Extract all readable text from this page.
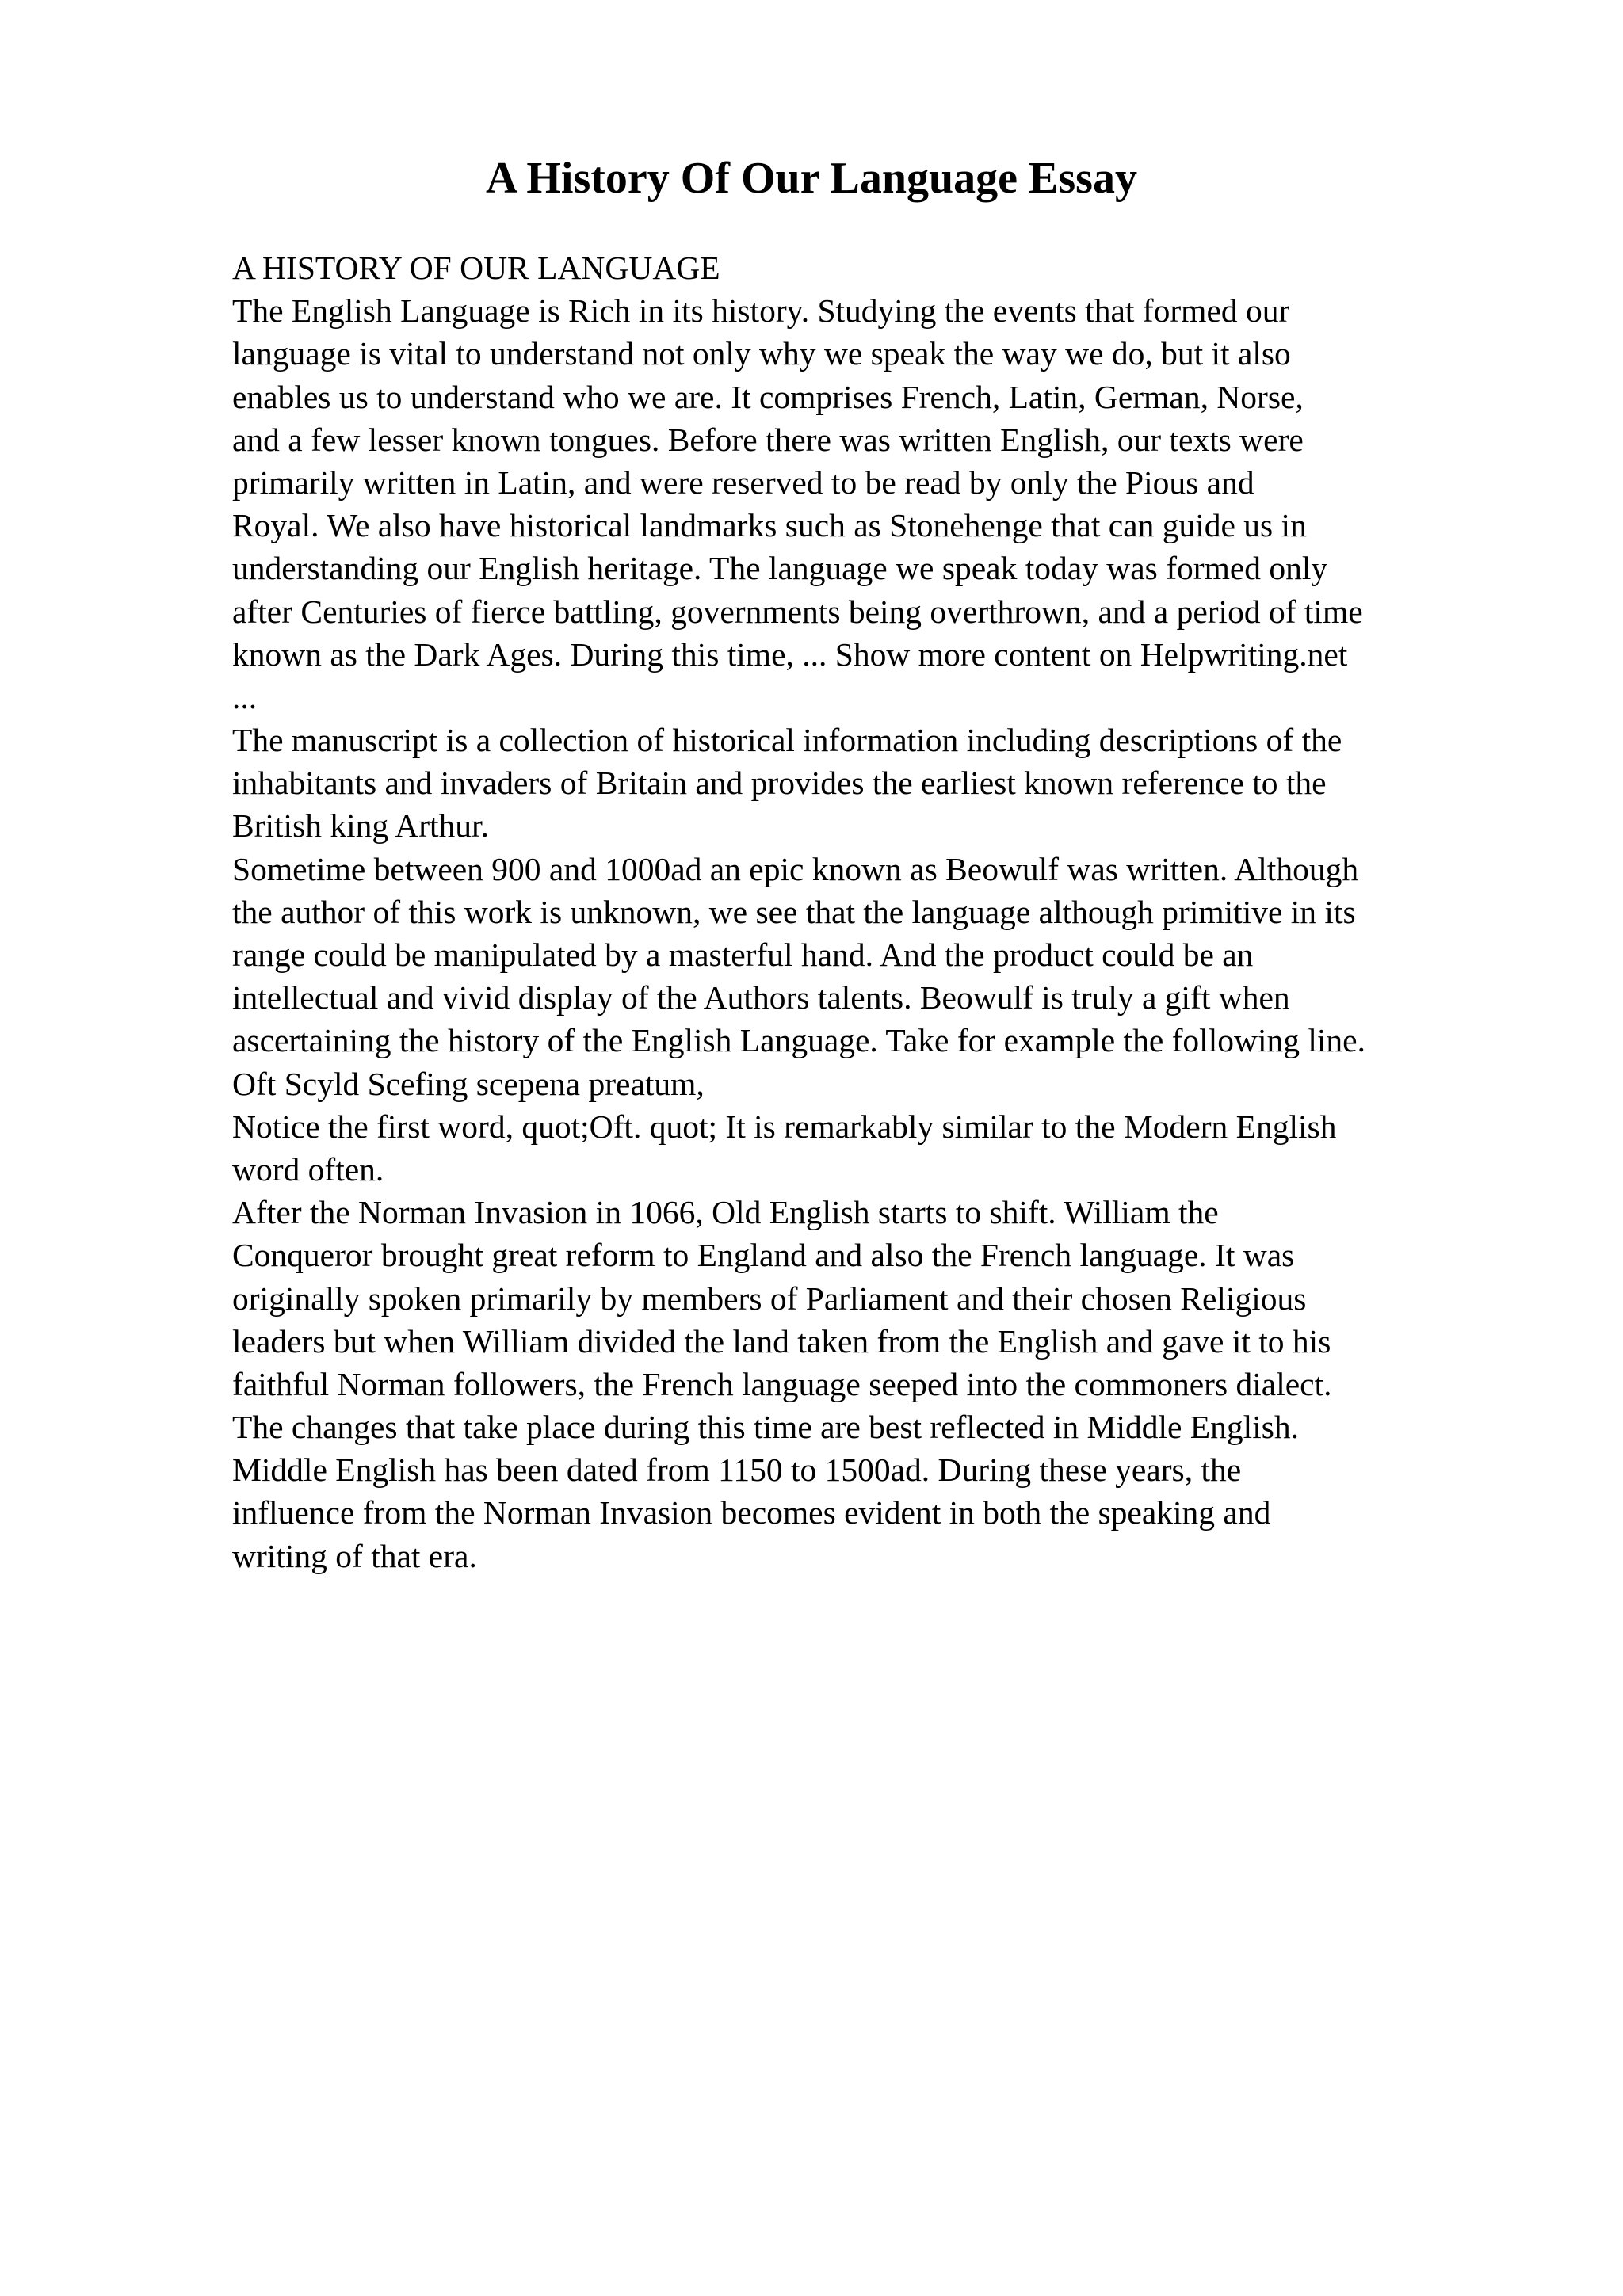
A History Of Our Language Essay
A HISTORY OF OUR LANGUAGE
The English Language is Rich in its history. Studying the events that formed our
language is vital to understand not only why we speak the way we do, but it also
enables us to understand who we are. It comprises French, Latin, German, Norse,
and a few lesser known tongues. Before there was written English, our texts were
primarily written in Latin, and were reserved to be read by only the Pious and
Royal. We also have historical landmarks such as Stonehenge that can guide us in
understanding our English heritage. The language we speak today was formed only
after Centuries of fierce battling, governments being overthrown, and a period of time
known as the Dark Ages. During this time, ... Show more content on Helpwriting.net
...
The manuscript is a collection of historical information including descriptions of the
inhabitants and invaders of Britain and provides the earliest known reference to the
British king Arthur.
Sometime between 900 and 1000ad an epic known as Beowulf was written. Although
the author of this work is unknown, we see that the language although primitive in its
range could be manipulated by a masterful hand. And the product could be an
intellectual and vivid display of the Authors talents. Beowulf is truly a gift when
ascertaining the history of the English Language. Take for example the following line.
Oft Scyld Scefing scepena preatum,
Notice the first word, quot;Oft. quot; It is remarkably similar to the Modern English
word often.
After the Norman Invasion in 1066, Old English starts to shift. William the
Conqueror brought great reform to England and also the French language. It was
originally spoken primarily by members of Parliament and their chosen Religious
leaders but when William divided the land taken from the English and gave it to his
faithful Norman followers, the French language seeped into the commoners dialect.
The changes that take place during this time are best reflected in Middle English.
Middle English has been dated from 1150 to 1500ad. During these years, the
influence from the Norman Invasion becomes evident in both the speaking and
writing of that era.
